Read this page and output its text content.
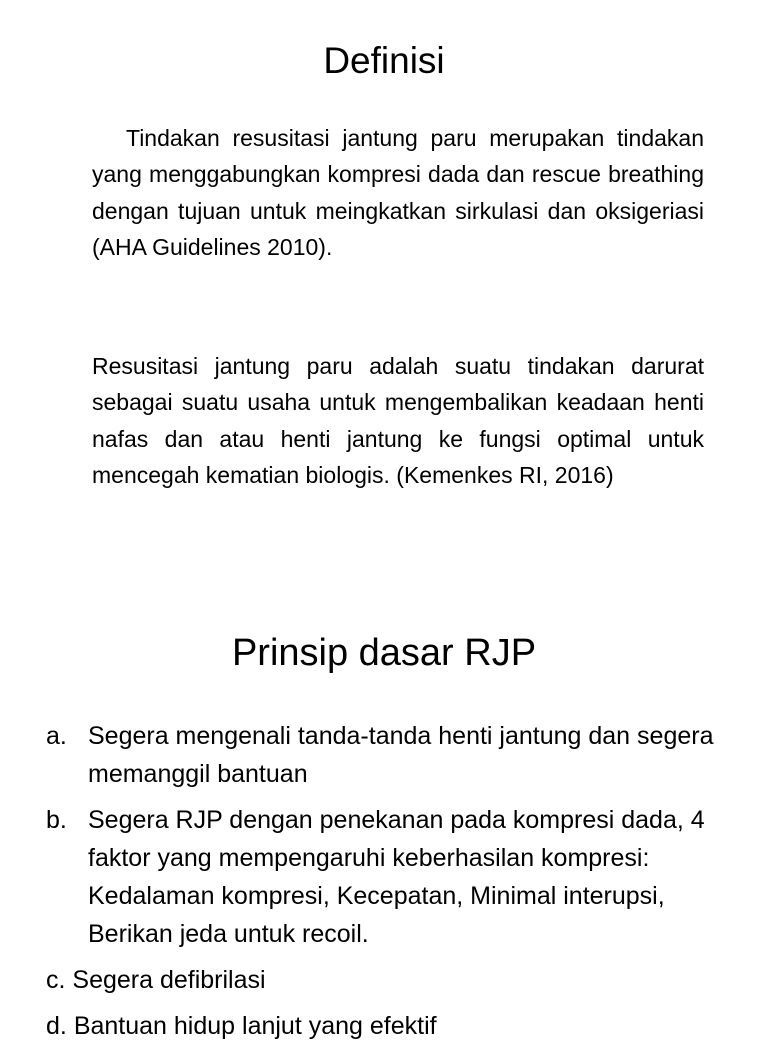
Definisi

Tindakan resusitasi jantung paru merupakan tindakan yang menggabungkan kompresi dada dan rescue breathing dengan tujuan untuk meingkatkan sirkulasi dan oksigeriasi (AHA Guidelines 2010).

Resusitasi jantung paru adalah suatu tindakan darurat sebagai suatu usaha untuk mengembalikan keadaan henti nafas dan atau henti jantung ke fungsi optimal untuk mencegah kematian biologis. (Kemenkes RI, 2016)

Prinsip dasar RJP
a. Segera mengenali tanda-tanda henti jantung dan segera memanggil bantuan
b. Segera RJP dengan penekanan pada kompresi dada, 4 faktor yang mempengaruhi keberhasilan kompresi: Kedalaman kompresi, Kecepatan, Minimal interupsi, Berikan jeda untuk recoil.
c. Segera defibrilasi
d. Bantuan hidup lanjut yang efektif
